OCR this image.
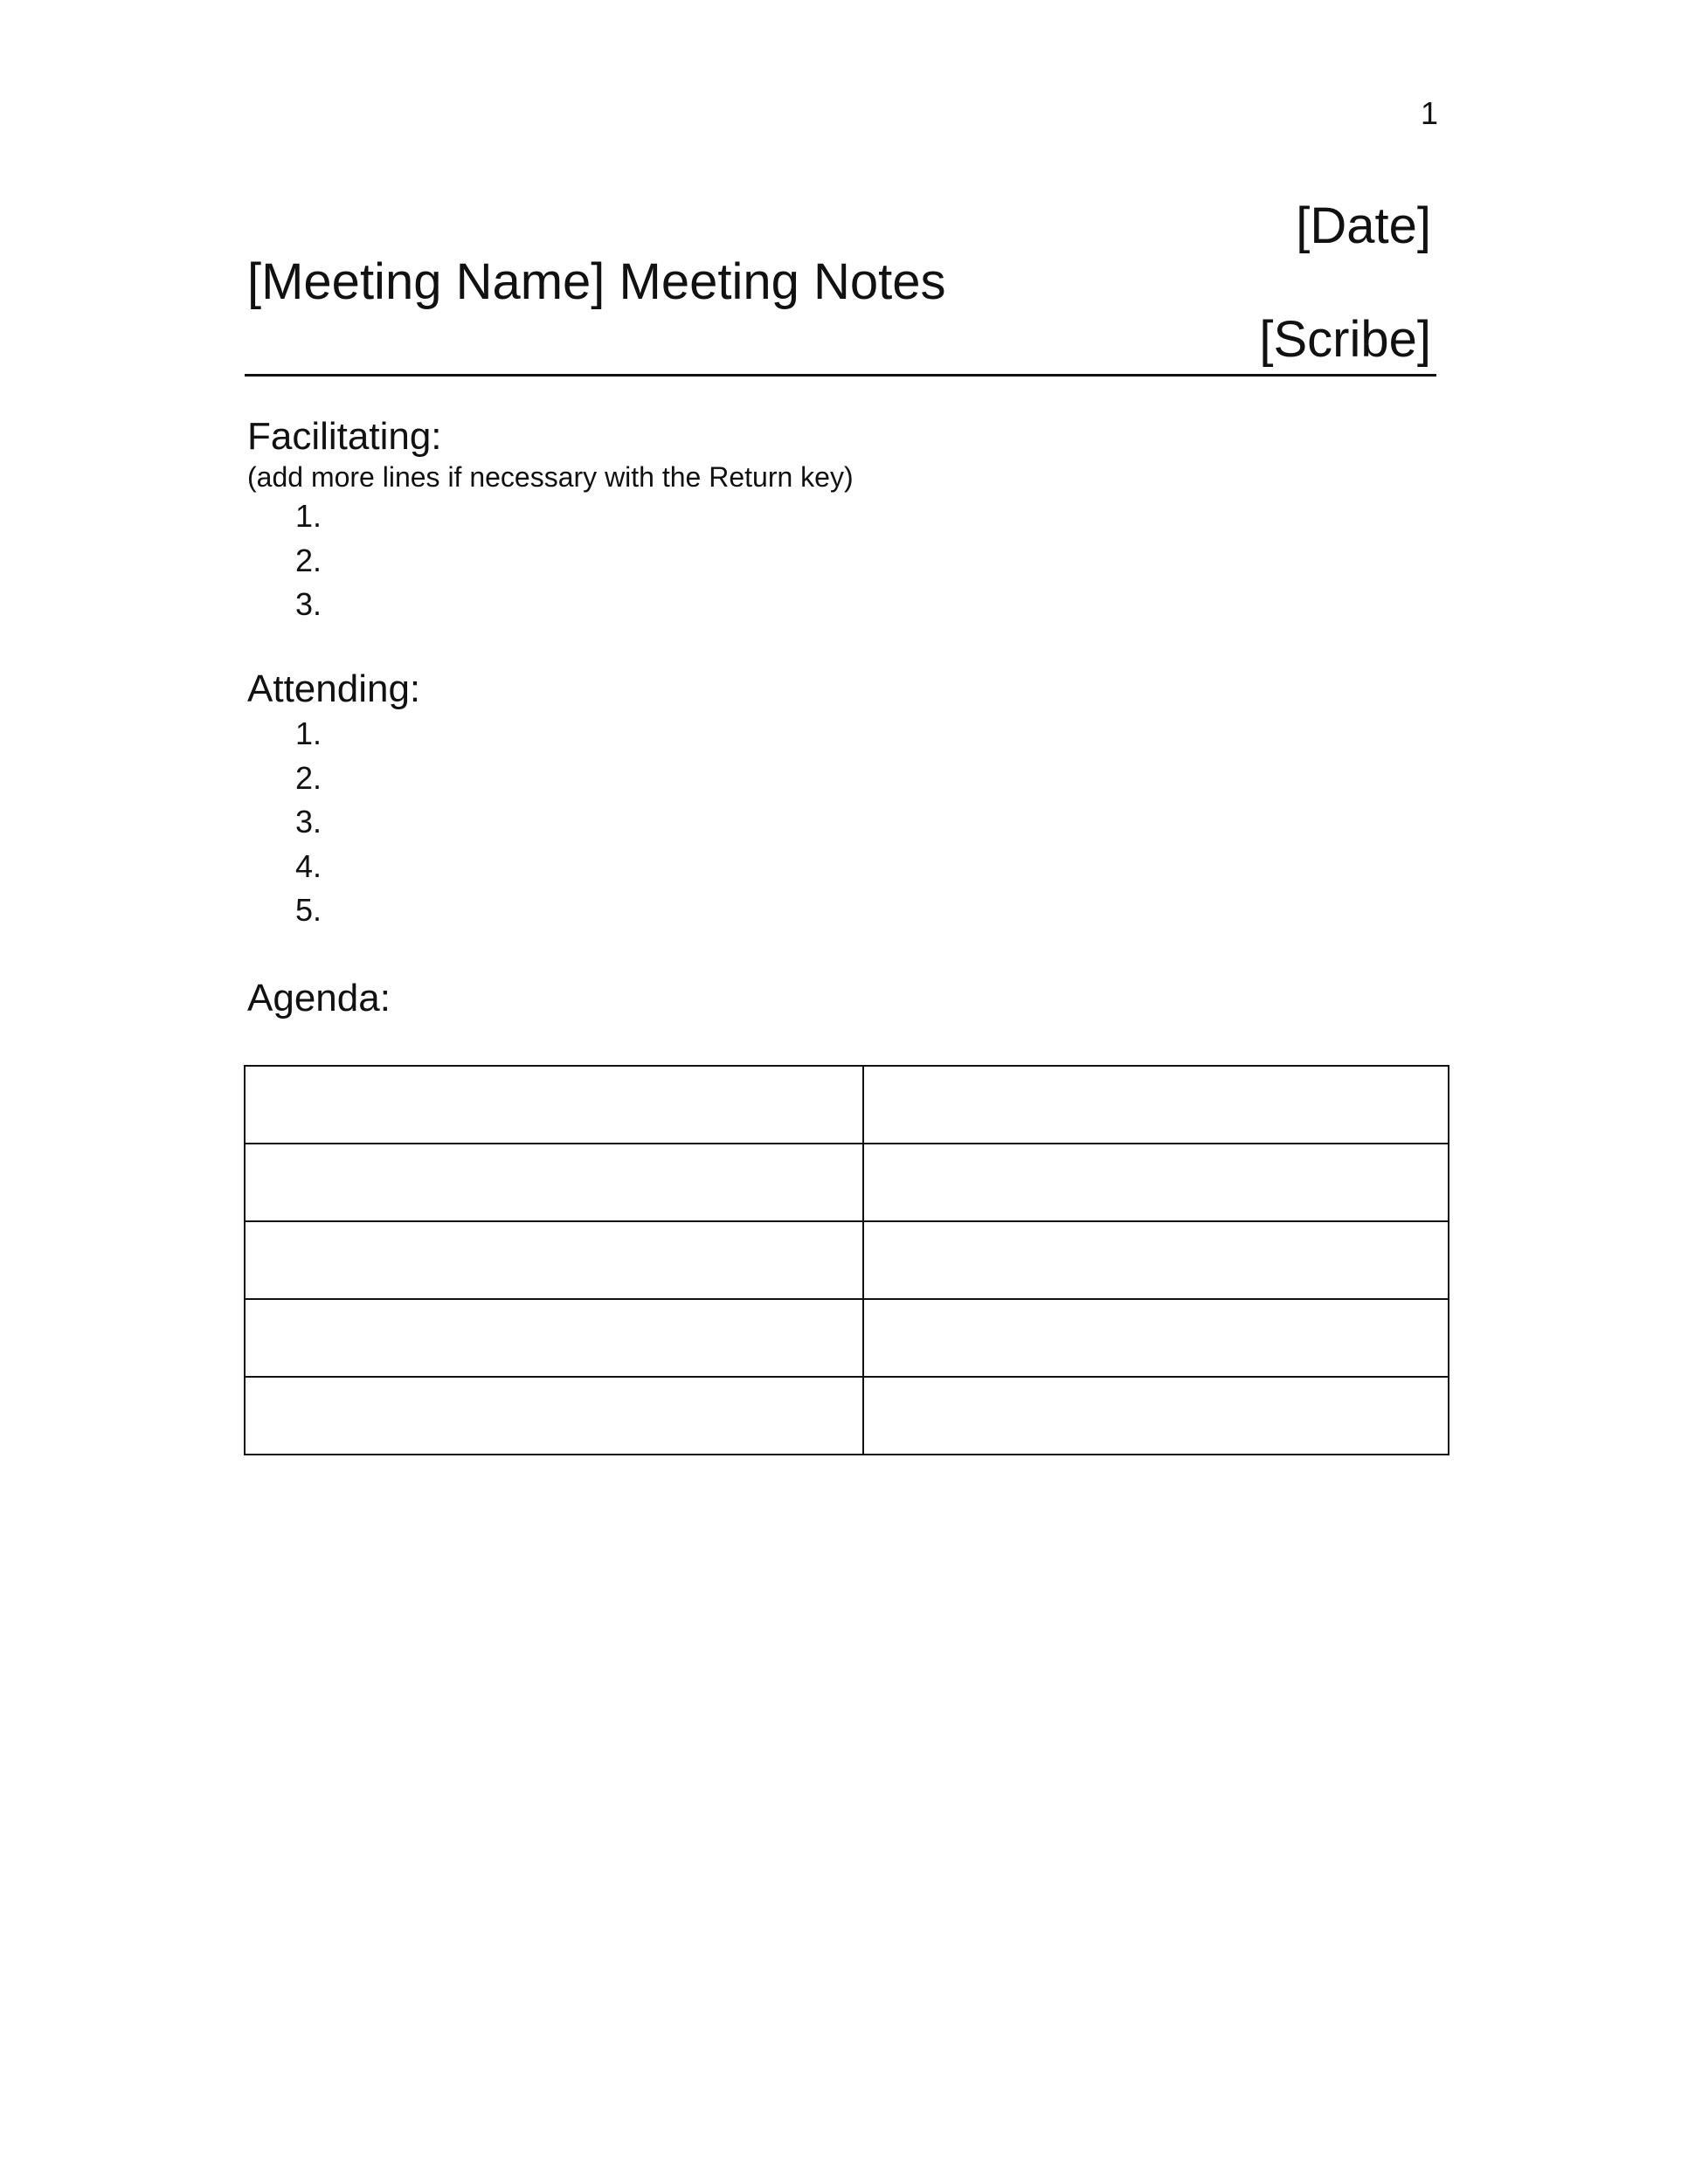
1
[Date]
[Meeting Name] Meeting Notes
[Scribe]
Facilitating:
(add more lines if necessary with the Return key)
1.
2.
3.
Attending:
1.
2.
3.
4.
5.
Agenda:
